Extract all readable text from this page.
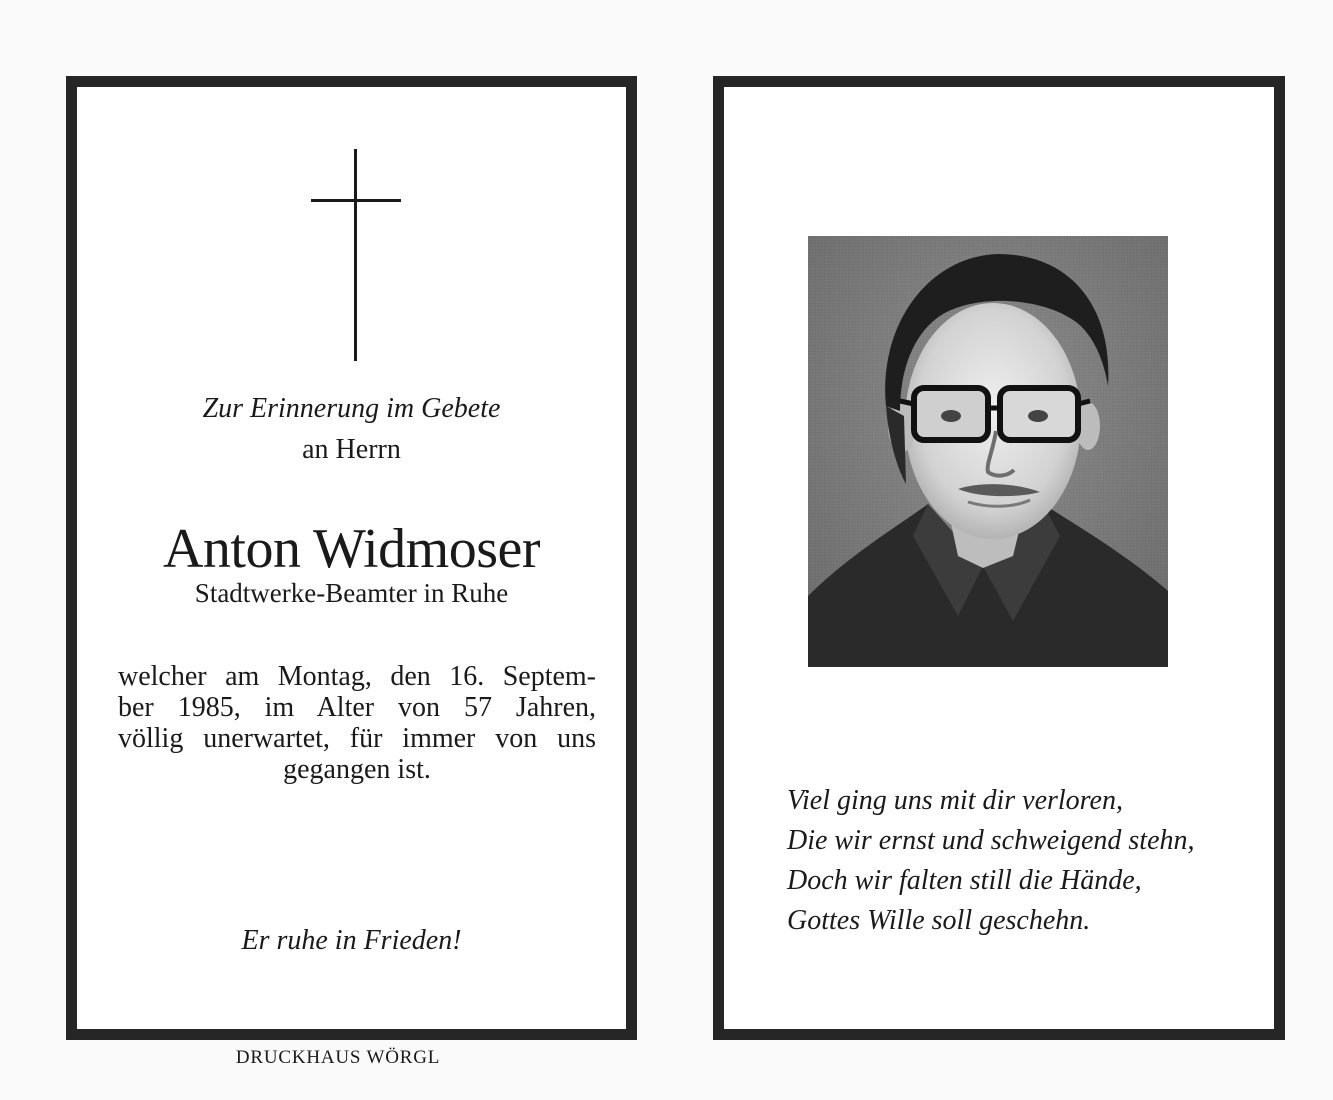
Zur Erinnerung im Gebete
an Herrn
Anton Widmoser
Stadtwerke-Beamter in Ruhe
welcher am Montag, den 16. Septem-
ber 1985, im Alter von 57 Jahren,
völlig unerwartet, für immer von uns
gegangen ist.
Er ruhe in Frieden!
Viel ging uns mit dir verloren,
Die wir ernst und schweigend stehn,
Doch wir falten still die Hände,
Gottes Wille soll geschehn.
DRUCKHAUS WÖRGL
